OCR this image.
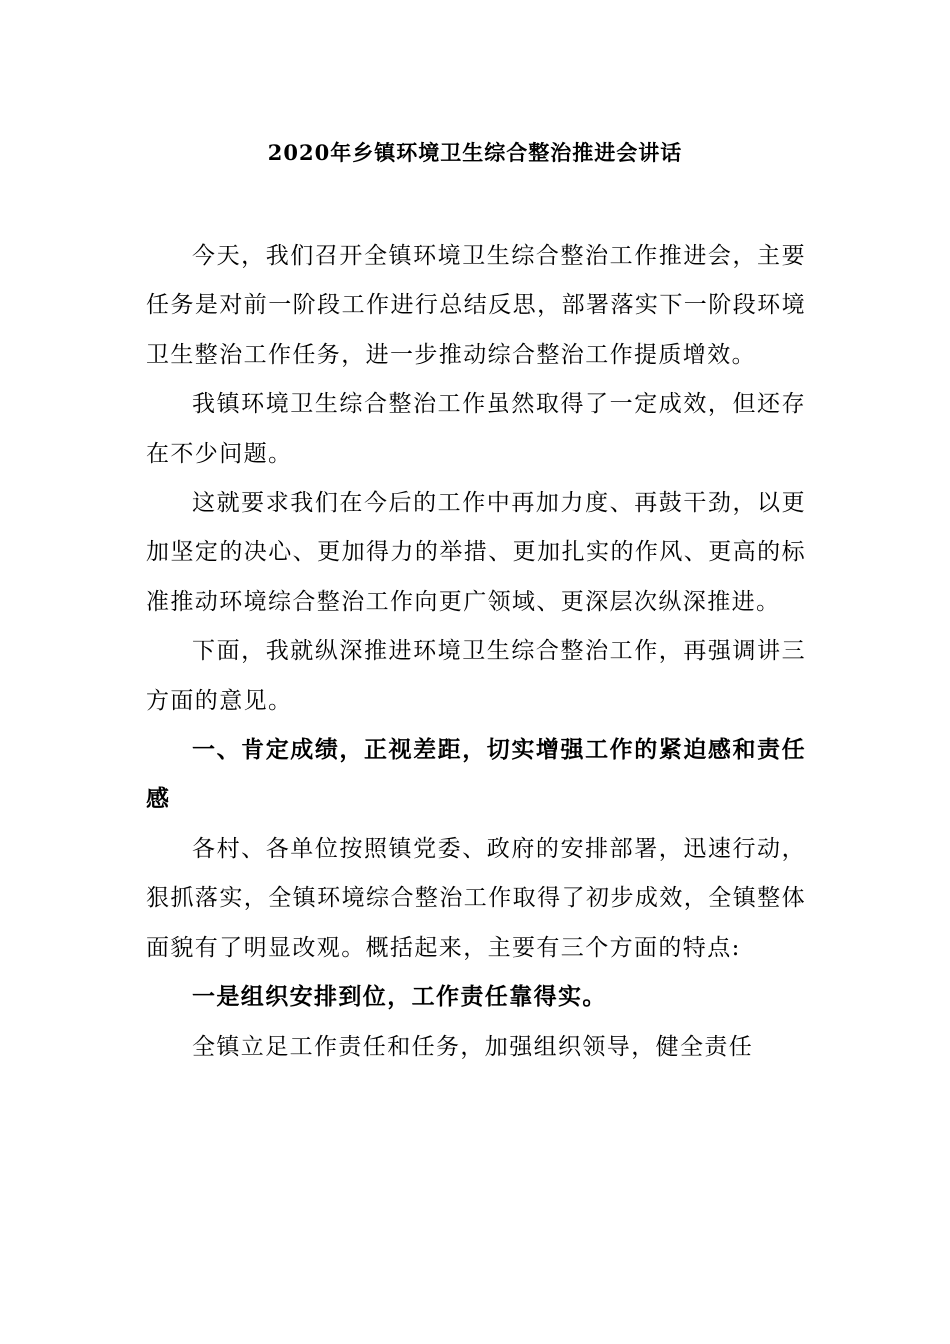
2020年乡镇环境卫生综合整治推进会讲话

今天，我们召开全镇环境卫生综合整治工作推进会，主要任务是对前一阶段工作进行总结反思，部署落实下一阶段环境卫生整治工作任务，进一步推动综合整治工作提质增效。

我镇环境卫生综合整治工作虽然取得了一定成效，但还存在不少问题。

这就要求我们在今后的工作中再加力度、再鼓干劲，以更加坚定的决心、更加得力的举措、更加扎实的作风、更高的标准推动环境综合整治工作向更广领域、更深层次纵深推进。

下面，我就纵深推进环境卫生综合整治工作，再强调讲三方面的意见。

一、肯定成绩，正视差距，切实增强工作的紧迫感和责任感

各村、各单位按照镇党委、政府的安排部署，迅速行动，狠抓落实，全镇环境综合整治工作取得了初步成效，全镇整体面貌有了明显改观。概括起来，主要有三个方面的特点:

一是组织安排到位，工作责任靠得实。

全镇立足工作责任和任务，加强组织领导，健全责任
